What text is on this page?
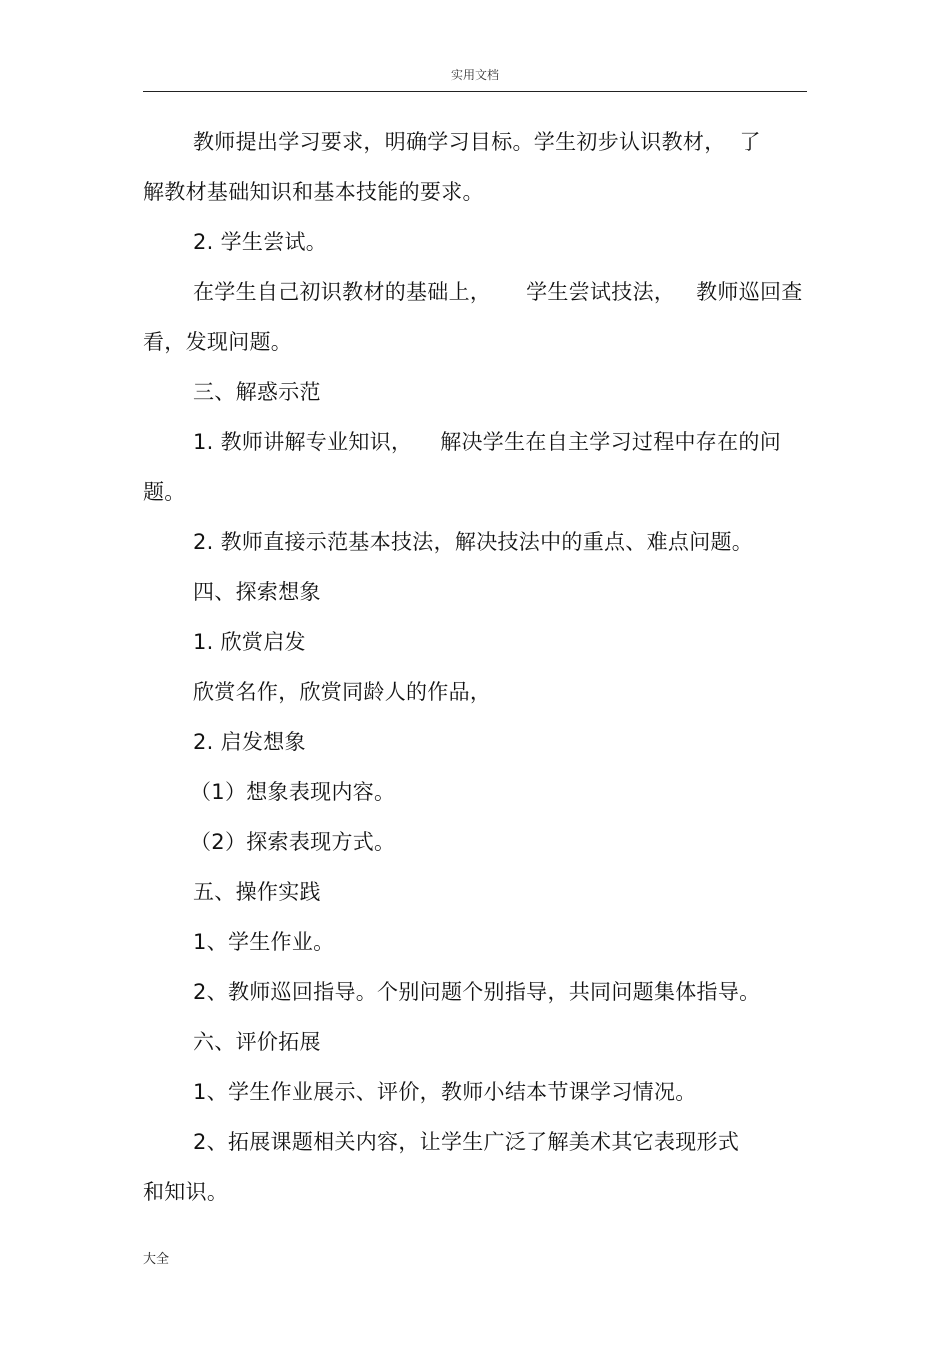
实用文档
教师提出学习要求，明确学习目标。学生初步认识教材，  了
解教材基础知识和基本技能的要求。
2. 学生尝试。
在学生自己初识教材的基础上，     学生尝试技法，   教师巡回查
看，发现问题。
三、解惑示范
1. 教师讲解专业知识，    解决学生在自主学习过程中存在的问
题。
2. 教师直接示范基本技法，解决技法中的重点、难点问题。
四、探索想象
1. 欣赏启发
欣赏名作，欣赏同龄人的作品，
2. 启发想象
（1）想象表现内容。
（2）探索表现方式。
五、操作实践
1、学生作业。
2、教师巡回指导。个别问题个别指导，共同问题集体指导。
六、评价拓展
1、学生作业展示、评价，教师小结本节课学习情况。
2、拓展课题相关内容，让学生广泛了解美术其它表现形式
和知识。
大全
